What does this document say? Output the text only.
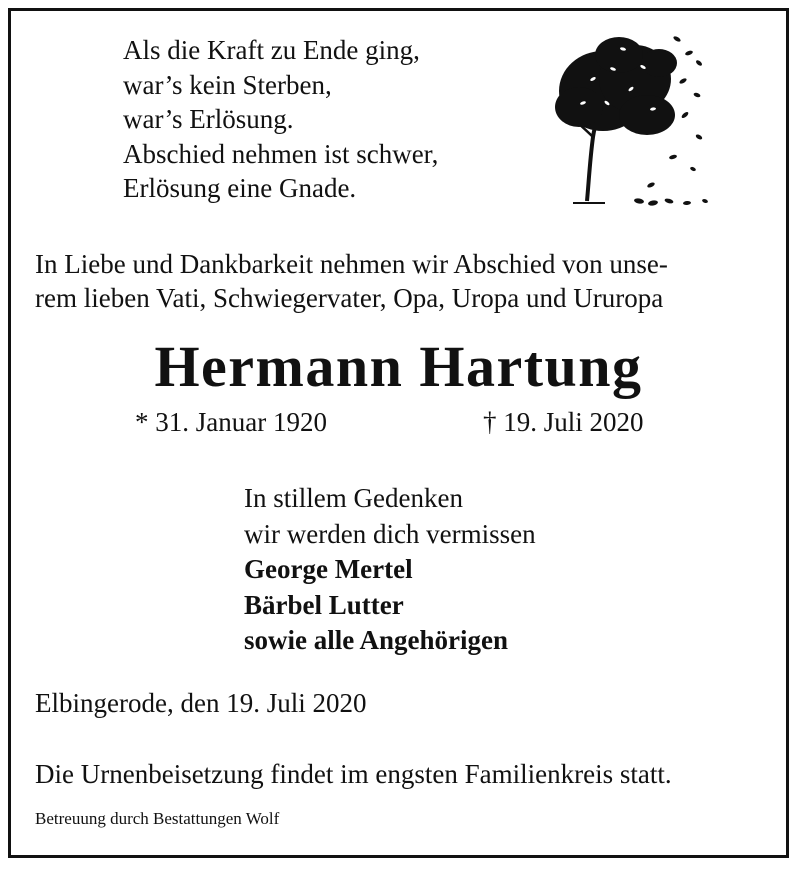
Als die Kraft zu Ende ging,
war’s kein Sterben,
war’s Erlösung.
Abschied nehmen ist schwer,
Erlösung eine Gnade.
In Liebe und Dankbarkeit nehmen wir Abschied von unse-
rem lieben Vati, Schwiegervater, Opa, Uropa und Ururopa
Hermann Hartung
* 31. Januar 1920	† 19. Juli 2020
In stillem Gedenken
wir werden dich vermissen
George Mertel
Bärbel Lutter
sowie alle Angehörigen
Elbingerode, den 19. Juli 2020
Die Urnenbeisetzung findet im engsten Familienkreis statt.
Betreuung durch Bestattungen Wolf
